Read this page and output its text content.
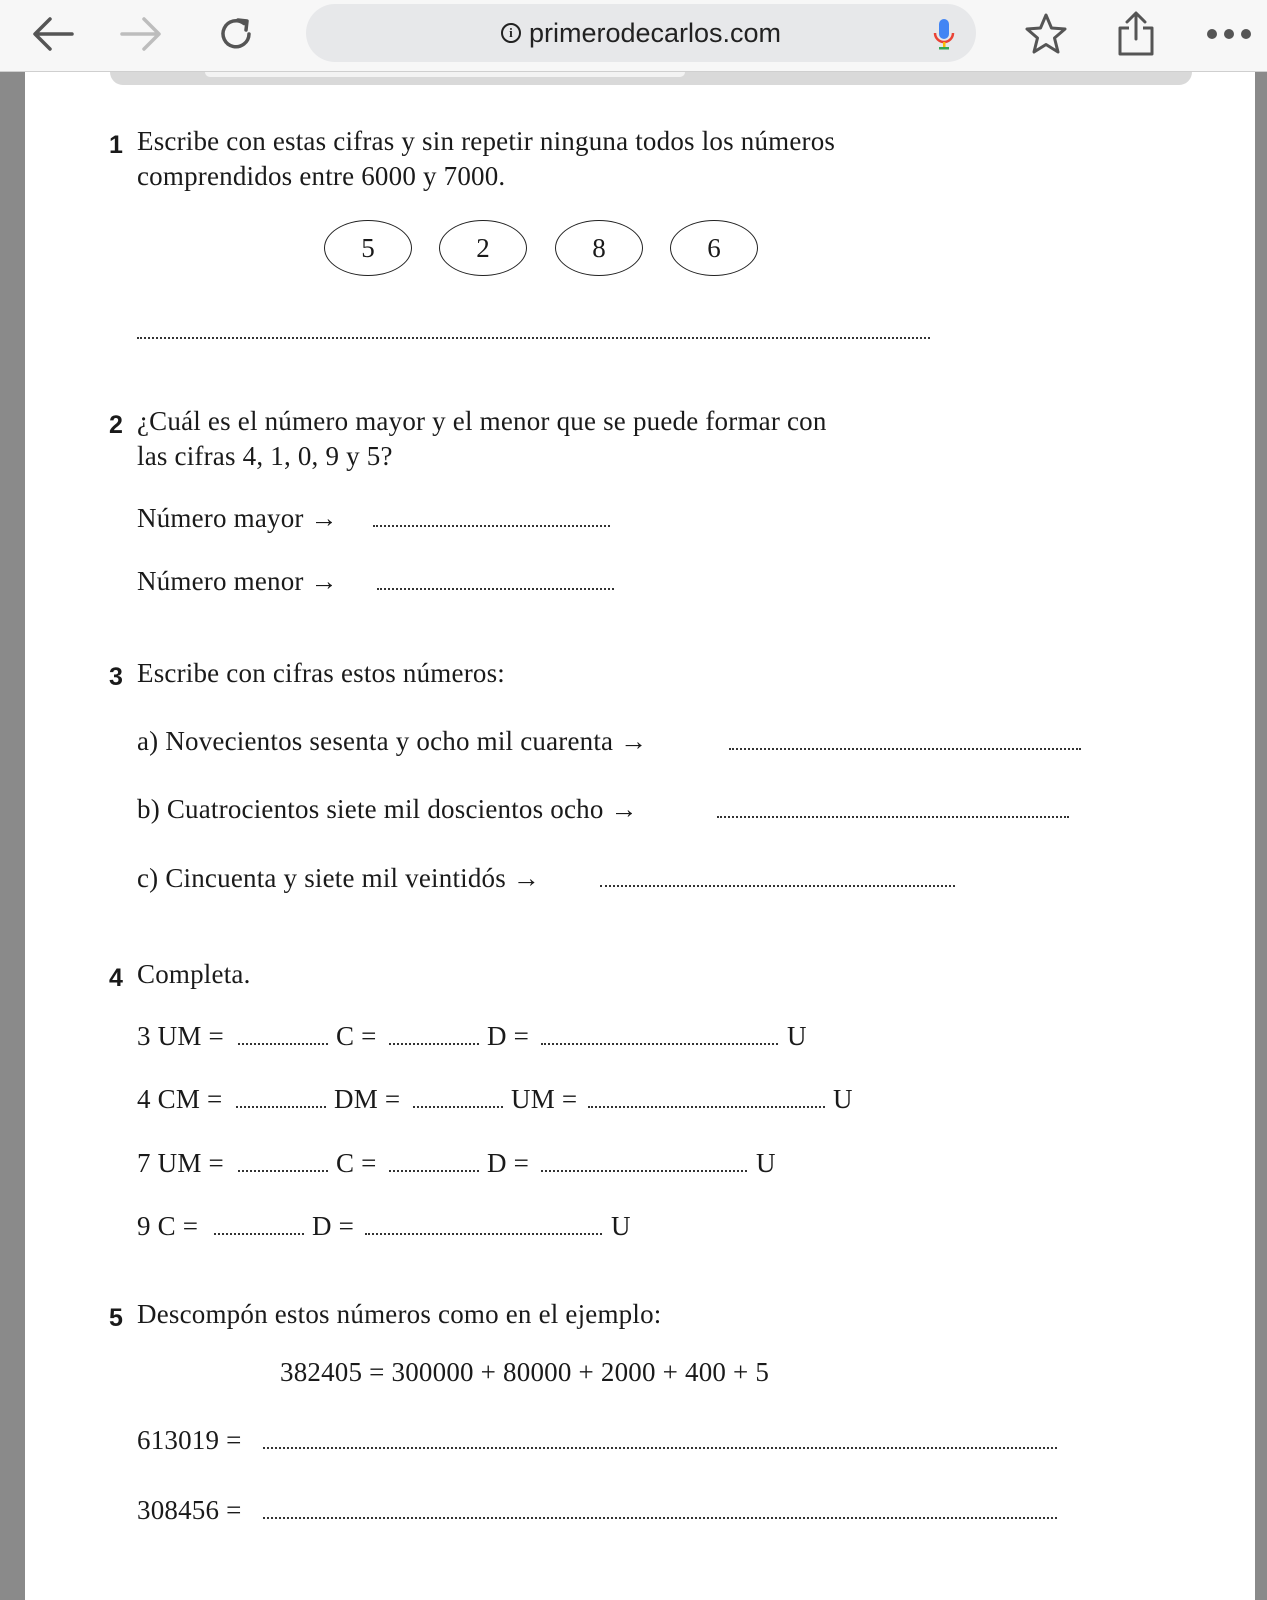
i primerodecarlos.com
1 Escribe con estas cifras y sin repetir ninguna todos los números
comprendidos entre 6000 y 7000.
5	2	8	6
2 ¿Cuál es el número mayor y el menor que se puede formar con
las cifras 4, 1, 0, 9 y 5?
Número mayor →
Número menor →
3 Escribe con cifras estos números:
a) Novecientos sesenta y ocho mil cuarenta →
b) Cuatrocientos siete mil doscientos ocho →
c) Cincuenta y siete mil veintidós →
4 Completa.
3 UM =	C =	D =	U
4 CM =	DM =	UM =	U
7 UM =	C =	D =	U
9 C =	D =	U
5 Descompón estos números como en el ejemplo:
382405 = 300000 + 80000 + 2000 + 400 + 5
613019 =
308456 =
